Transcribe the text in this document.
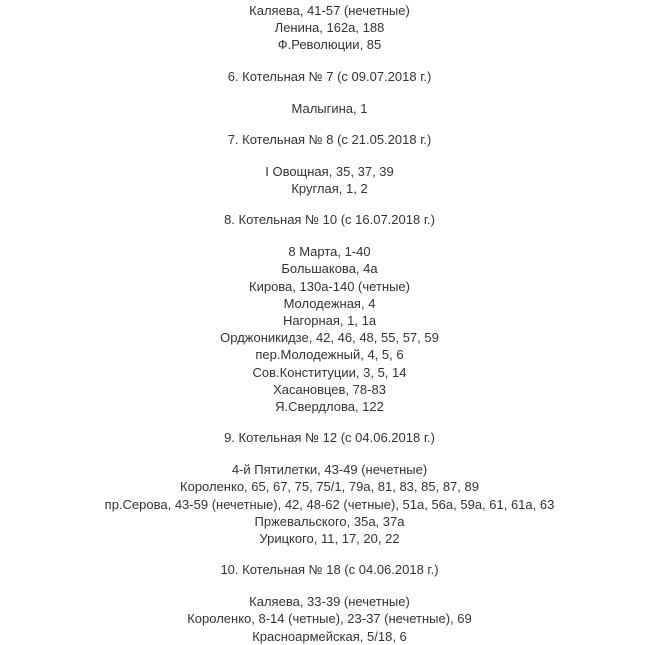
Каляева, 41-57 (нечетные)
Ленина, 162а, 188
Ф.Революции, 85
6. Котельная № 7 (с 09.07.2018 г.)
Малыгина, 1
7. Котельная № 8 (с 21.05.2018 г.)
I Овощная, 35, 37, 39
Круглая, 1, 2
8. Котельная № 10 (с 16.07.2018 г.)
8 Марта, 1-40
Большакова, 4а
Кирова, 130а-140 (четные)
Молодежная, 4
Нагорная, 1, 1а
Орджоникидзе, 42, 46, 48, 55, 57, 59
пер.Молодежный, 4, 5, 6
Сов.Конституции, 3, 5, 14
Хасановцев, 78-83
Я.Свердлова, 122
9. Котельная № 12 (с 04.06.2018 г.)
4-й Пятилетки, 43-49 (нечетные)
Короленко, 65, 67, 75, 75/1, 79а, 81, 83, 85, 87, 89
пр.Серова, 43-59 (нечетные), 42, 48-62 (четные), 51а, 56а, 59а, 61, 61а, 63
Пржевальского, 35а, 37а
Урицкого, 11, 17, 20, 22
10. Котельная № 18 (с 04.06.2018 г.)
Каляева, 33-39 (нечетные)
Короленко, 8-14 (четные), 23-37 (нечетные), 69
Красноармейская, 5/18, 6
